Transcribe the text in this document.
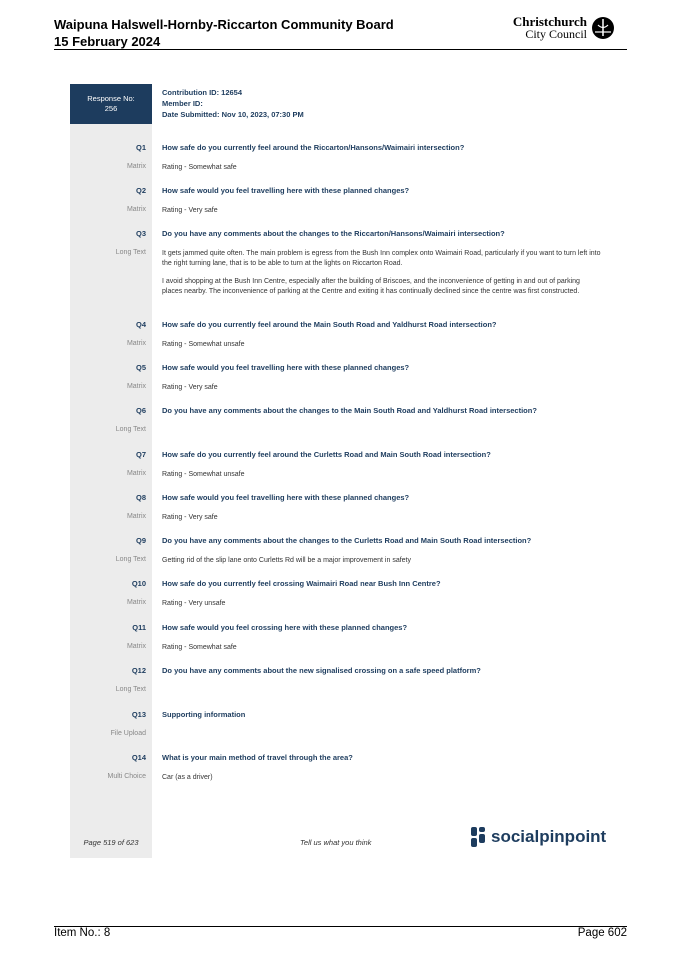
Waipuna Halswell-Hornby-Riccarton Community Board
15 February 2024
Christchurch
City Council
Response No:
256
Contribution ID: 12654
Member ID:
Date Submitted: Nov 10, 2023, 07:30 PM
Q1 How safe do you currently feel around the Riccarton/Hansons/Waimairi intersection?
Matrix Rating - Somewhat safe
Q2 How safe would you feel travelling here with these planned changes?
Matrix Rating - Very safe
Q3 Do you have any comments about the changes to the Riccarton/Hansons/Waimairi intersection?
Long Text It gets jammed quite often. The main problem is egress from the Bush Inn complex onto Waimairi Road, particularly if you want to turn left into the right turning lane, that is to be able to turn at the lights on Riccarton Road.
I avoid shopping at the Bush Inn Centre, especially after the building of Briscoes, and the inconvenience of getting in and out of parking places nearby. The inconvenience of parking at the Centre and exiting it has continually declined since the centre was first constructed.
Q4 How safe do you currently feel around the Main South Road and Yaldhurst Road intersection?
Matrix Rating - Somewhat unsafe
Q5 How safe would you feel travelling here with these planned changes?
Matrix Rating - Very safe
Q6 Do you have any comments about the changes to the Main South Road and Yaldhurst Road intersection?
Long Text
Q7 How safe do you currently feel around the Curletts Road and Main South Road intersection?
Matrix Rating - Somewhat unsafe
Q8 How safe would you feel travelling here with these planned changes?
Matrix Rating - Very safe
Q9 Do you have any comments about the changes to the Curletts Road and Main South Road intersection?
Long Text Getting rid of the slip lane onto Curletts Rd will be a major improvement in safety
Q10 How safe do you currently feel crossing Waimairi Road near Bush Inn Centre?
Matrix Rating - Very unsafe
Q11 How safe would you feel crossing here with these planned changes?
Matrix Rating - Somewhat safe
Q12 Do you have any comments about the new signalised crossing on a safe speed platform?
Long Text
Q13 Supporting information
File Upload
Q14 What is your main method of travel through the area?
Multi Choice Car (as a driver)
Page 519 of 623	Tell us what you think	socialpinpoint
Item No.: 8	Page 602
